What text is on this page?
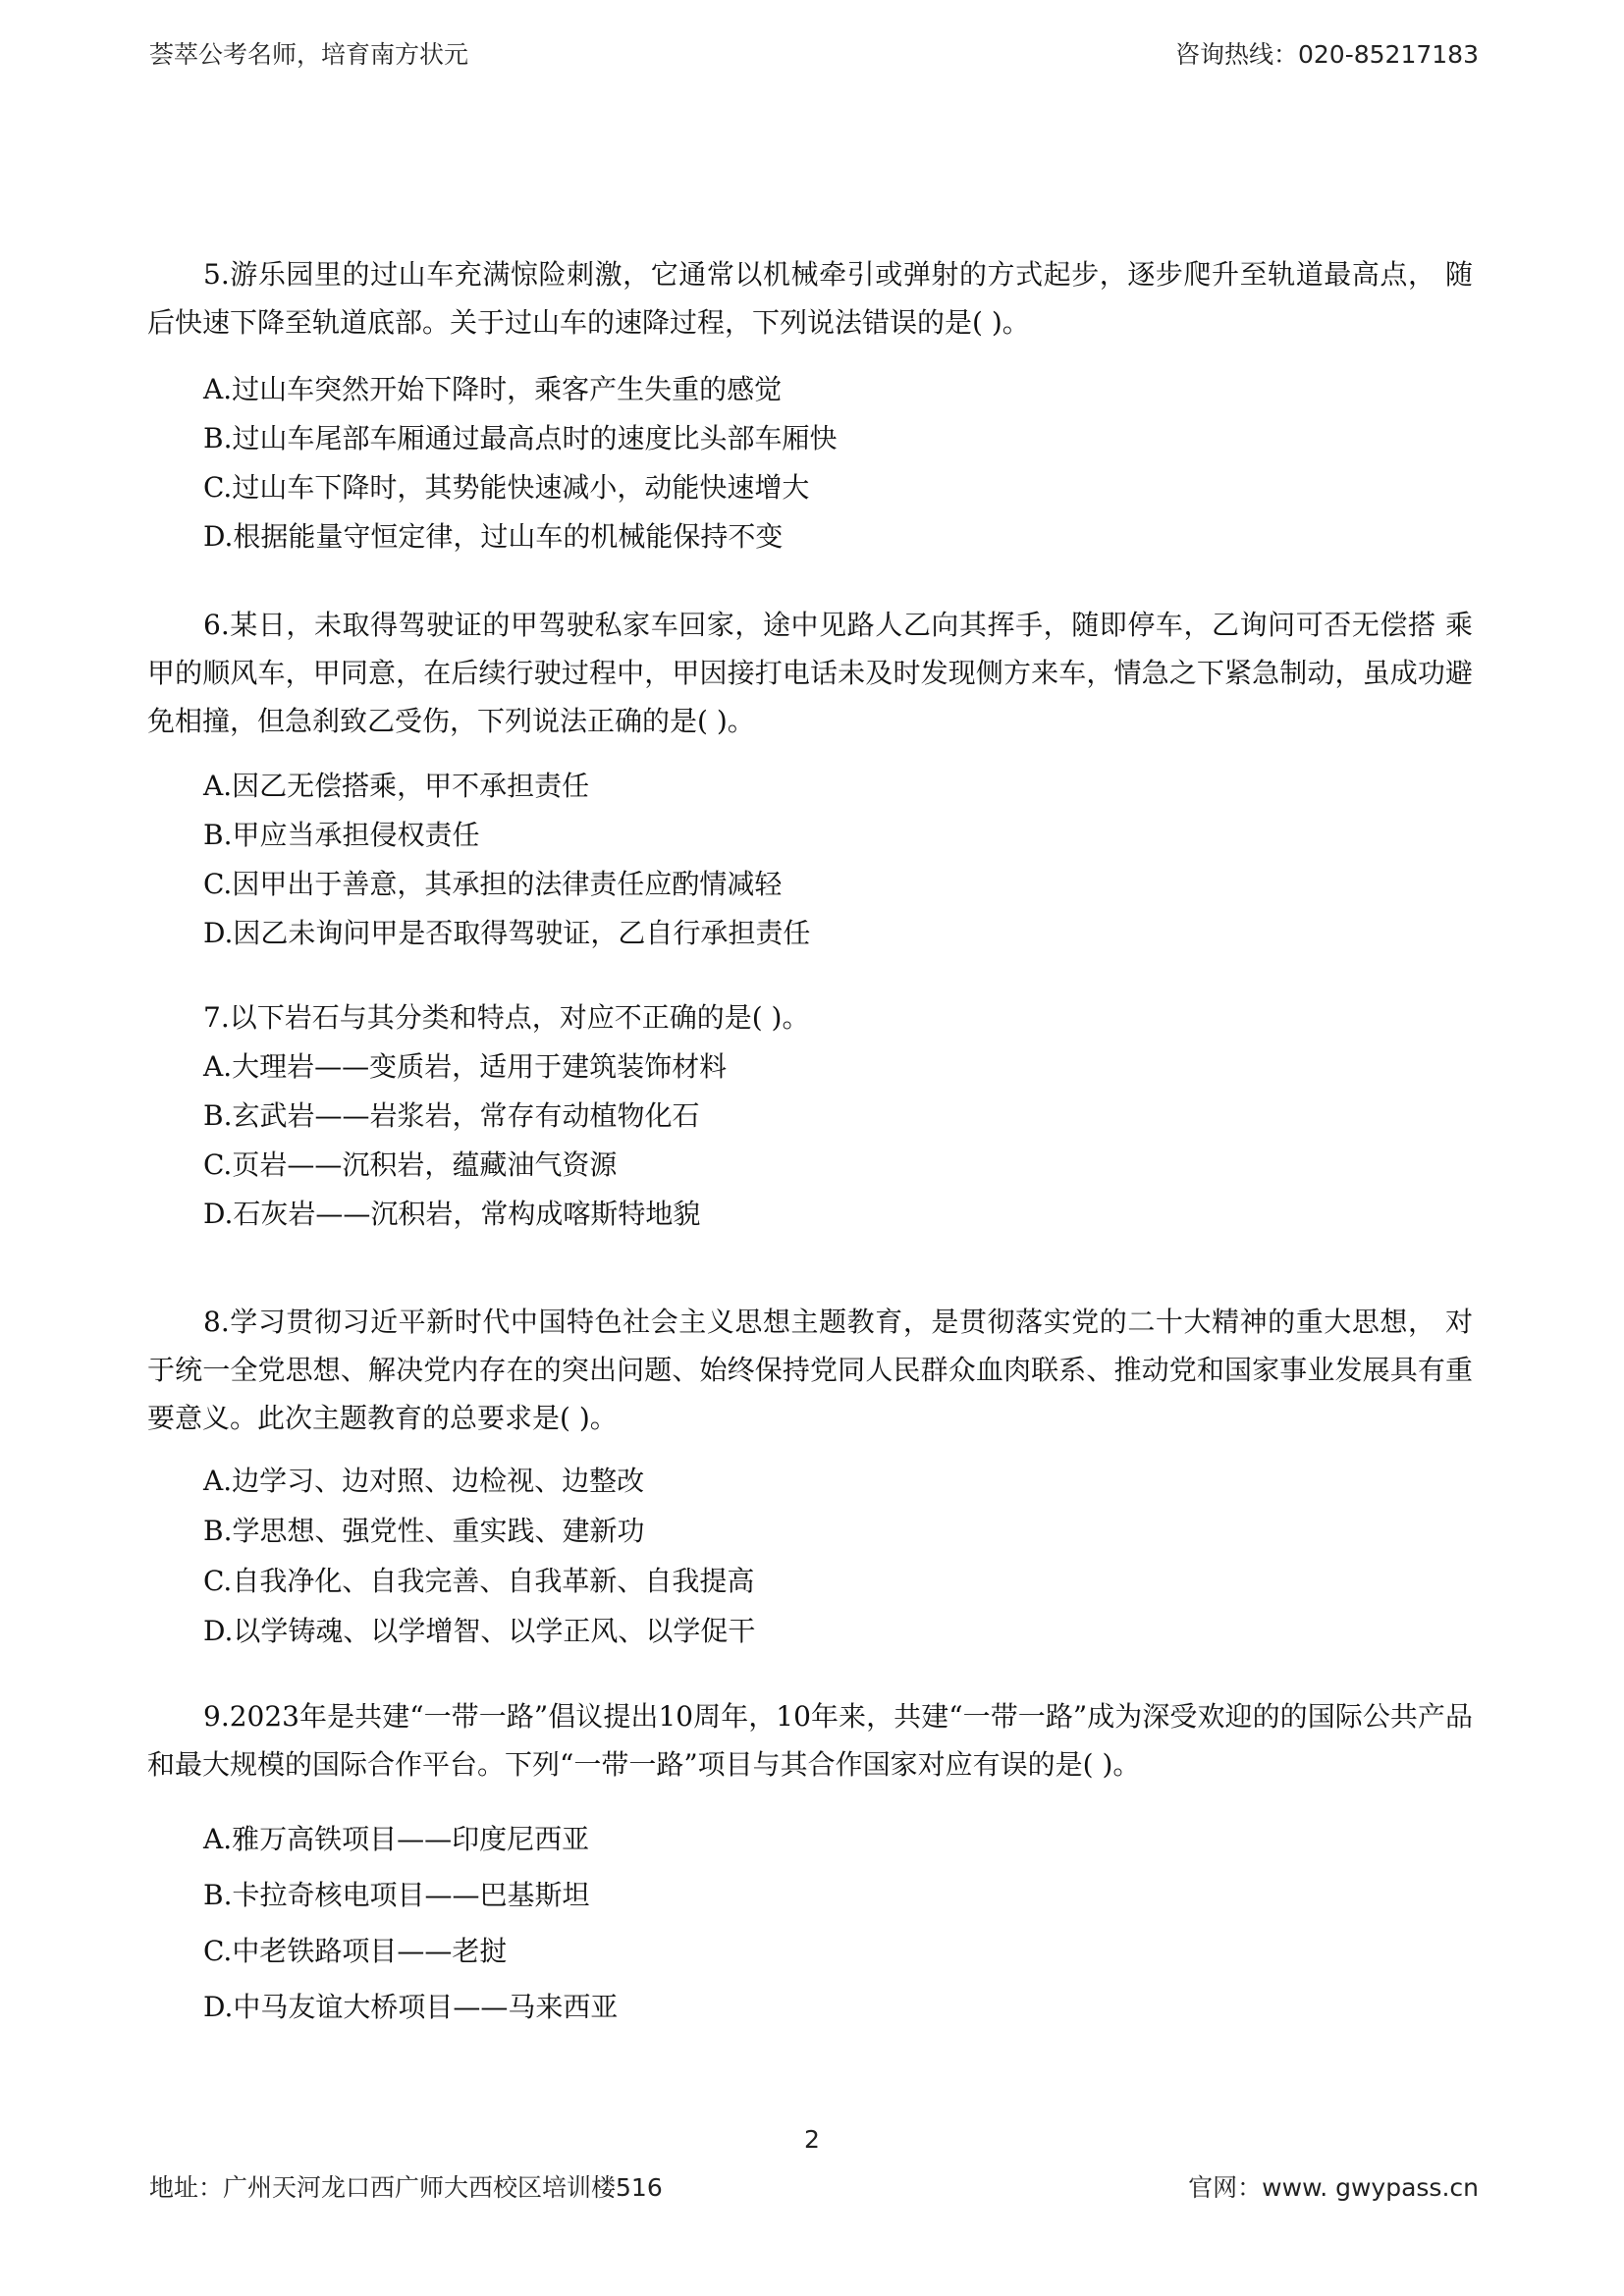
荟萃公考名师，培育南方状元	咨询热线：020-85217183

5.游乐园里的过山车充满惊险刺激，它通常以机械牵引或弹射的方式起步，逐步爬升至轨道最高点， 随后快速下降至轨道底部。关于过山车的速降过程，下列说法错误的是( )。

A.过山车突然开始下降时，乘客产生失重的感觉
B.过山车尾部车厢通过最高点时的速度比头部车厢快
C.过山车下降时，其势能快速减小，动能快速增大
D.根据能量守恒定律，过山车的机械能保持不变

6.某日，未取得驾驶证的甲驾驶私家车回家，途中见路人乙向其挥手，随即停车，乙询问可否无偿搭 乘甲的顺风车，甲同意，在后续行驶过程中，甲因接打电话未及时发现侧方来车，情急之下紧急制动，虽成功避免相撞，但急刹致乙受伤，下列说法正确的是( )。

A.因乙无偿搭乘，甲不承担责任
B.甲应当承担侵权责任
C.因甲出于善意，其承担的法律责任应酌情减轻
D.因乙未询问甲是否取得驾驶证，乙自行承担责任

7.以下岩石与其分类和特点，对应不正确的是( )。

A.大理岩——变质岩，适用于建筑装饰材料
B.玄武岩——岩浆岩，常存有动植物化石
C.页岩——沉积岩，蕴藏油气资源
D.石灰岩——沉积岩，常构成喀斯特地貌

8.学习贯彻习近平新时代中国特色社会主义思想主题教育，是贯彻落实党的二十大精神的重大思想， 对于统一全党思想、解决党内存在的突出问题、始终保持党同人民群众血肉联系、推动党和国家事业发展具有重要意义。此次主题教育的总要求是( )。

A.边学习、边对照、边检视、边整改
B.学思想、强党性、重实践、建新功
C.自我净化、自我完善、自我革新、自我提高
D.以学铸魂、以学增智、以学正风、以学促干

9.2023年是共建“一带一路”倡议提出10周年，10年来，共建“一带一路”成为深受欢迎的的国际公共产品和最大规模的国际合作平台。下列“一带一路”项目与其合作国家对应有误的是( )。

A.雅万高铁项目——印度尼西亚
B.卡拉奇核电项目——巴基斯坦
C.中老铁路项目——老挝
D.中马友谊大桥项目——马来西亚
2
地址：广州天河龙口西广师大西校区培训楼516	官网：www. gwypass.cn
